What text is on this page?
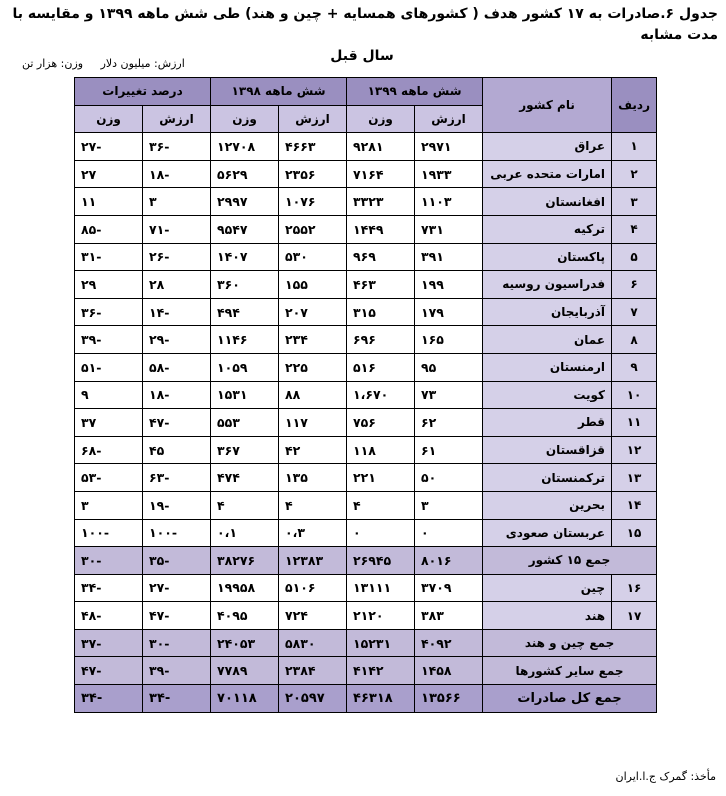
جدول ۶.صادرات به ۱۷ کشور هدف ( کشورهای همسایه + چین و هند) طی شش ماهه ۱۳۹۹ و مقایسه با مدت مشابه
سال قبل
ارزش: میلیون دلار وزن: هزار تن
ردیف	نام کشور	شش ماهه ۱۳۹۹		شش ماهه ۱۳۹۸		درصد تغییرات	
		ارزش	وزن	ارزش	وزن	ارزش	وزن
۱	عراق	۲۹۷۱	۹۲۸۱	۴۶۶۳	۱۲۷۰۸	-۳۶	-۲۷
۲	امارات متحده عربی	۱۹۳۳	۷۱۶۴	۲۳۵۶	۵۶۲۹	-۱۸	۲۷
۳	افغانستان	۱۱۰۳	۳۳۲۳	۱۰۷۶	۲۹۹۷	۳	۱۱
۴	ترکیه	۷۳۱	۱۴۴۹	۲۵۵۲	۹۵۴۷	-۷۱	-۸۵
۵	پاکستان	۳۹۱	۹۶۹	۵۳۰	۱۴۰۷	-۲۶	-۳۱
۶	فدراسیون روسیه	۱۹۹	۴۶۳	۱۵۵	۳۶۰	۲۸	۲۹
۷	آذربایجان	۱۷۹	۳۱۵	۲۰۷	۴۹۴	-۱۴	-۳۶
۸	عمان	۱۶۵	۶۹۶	۲۳۴	۱۱۴۶	-۲۹	-۳۹
۹	ارمنستان	۹۵	۵۱۶	۲۲۵	۱۰۵۹	-۵۸	-۵۱
۱۰	کویت	۷۳	۱،۶۷۰	۸۸	۱۵۳۱	-۱۸	۹
۱۱	قطر	۶۲	۷۵۶	۱۱۷	۵۵۳	-۴۷	۳۷
۱۲	قزاقستان	۶۱	۱۱۸	۴۲	۳۶۷	۴۵	-۶۸
۱۳	ترکمنستان	۵۰	۲۲۱	۱۳۵	۴۷۴	-۶۳	-۵۳
۱۴	بحرین	۳	۴	۴	۴	-۱۹	۳
۱۵	عربستان صعودی	۰	۰	۰،۳	۰،۱	-۱۰۰	-۱۰۰
جمع ۱۵ کشور		۸۰۱۶	۲۶۹۴۵	۱۲۳۸۳	۳۸۲۷۶	-۳۵	-۳۰
۱۶	چین	۳۷۰۹	۱۳۱۱۱	۵۱۰۶	۱۹۹۵۸	-۲۷	-۳۴
۱۷	هند	۳۸۳	۲۱۲۰	۷۲۴	۴۰۹۵	-۴۷	-۴۸
جمع چین و هند		۴۰۹۲	۱۵۲۳۱	۵۸۳۰	۲۴۰۵۳	-۳۰	-۳۷
جمع سایر کشورها		۱۴۵۸	۴۱۴۲	۲۳۸۴	۷۷۸۹	-۳۹	-۴۷
جمع کل صادرات		۱۳۵۶۶	۴۶۳۱۸	۲۰۵۹۷	۷۰۱۱۸	-۳۴	-۳۴
مأخذ: گمرک ج.ا.ایران
